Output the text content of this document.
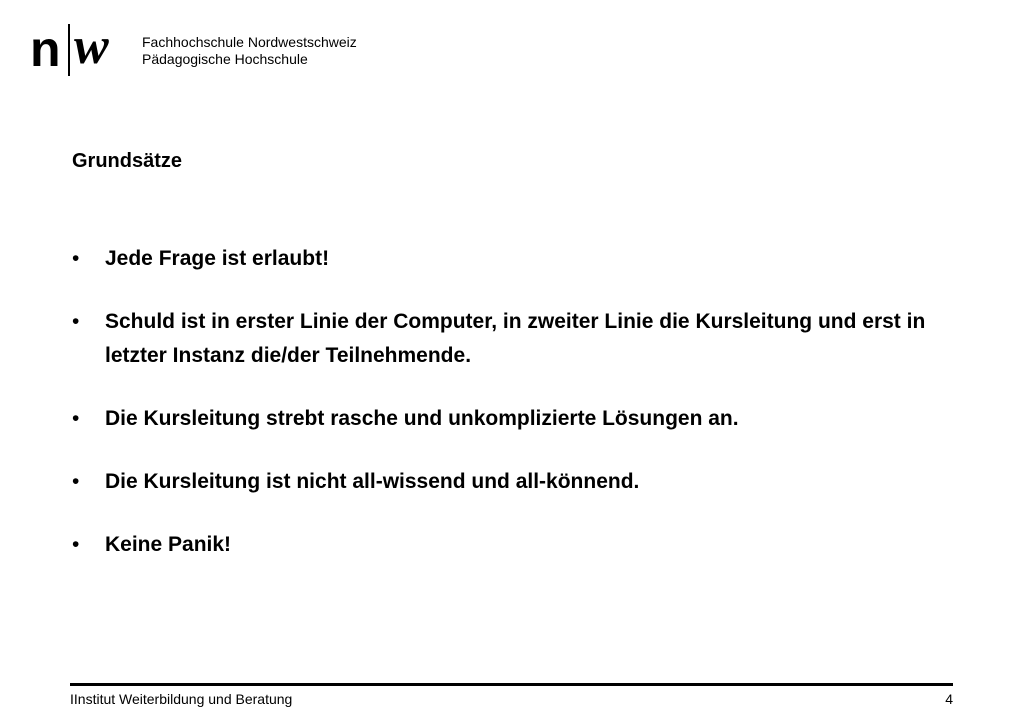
n w Fachhochschule Nordwestschweiz
Pädagogische Hochschule
Grundsätze
• Jede Frage ist erlaubt!
• Schuld ist in erster Linie der Computer, in zweiter Linie die Kursleitung und erst in letzter Instanz die/der Teilnehmende.
• Die Kursleitung strebt rasche und unkomplizierte Lösungen an.
• Die Kursleitung ist nicht all-wissend und all-könnend.
• Keine Panik!
IInstitut Weiterbildung und Beratung	4
